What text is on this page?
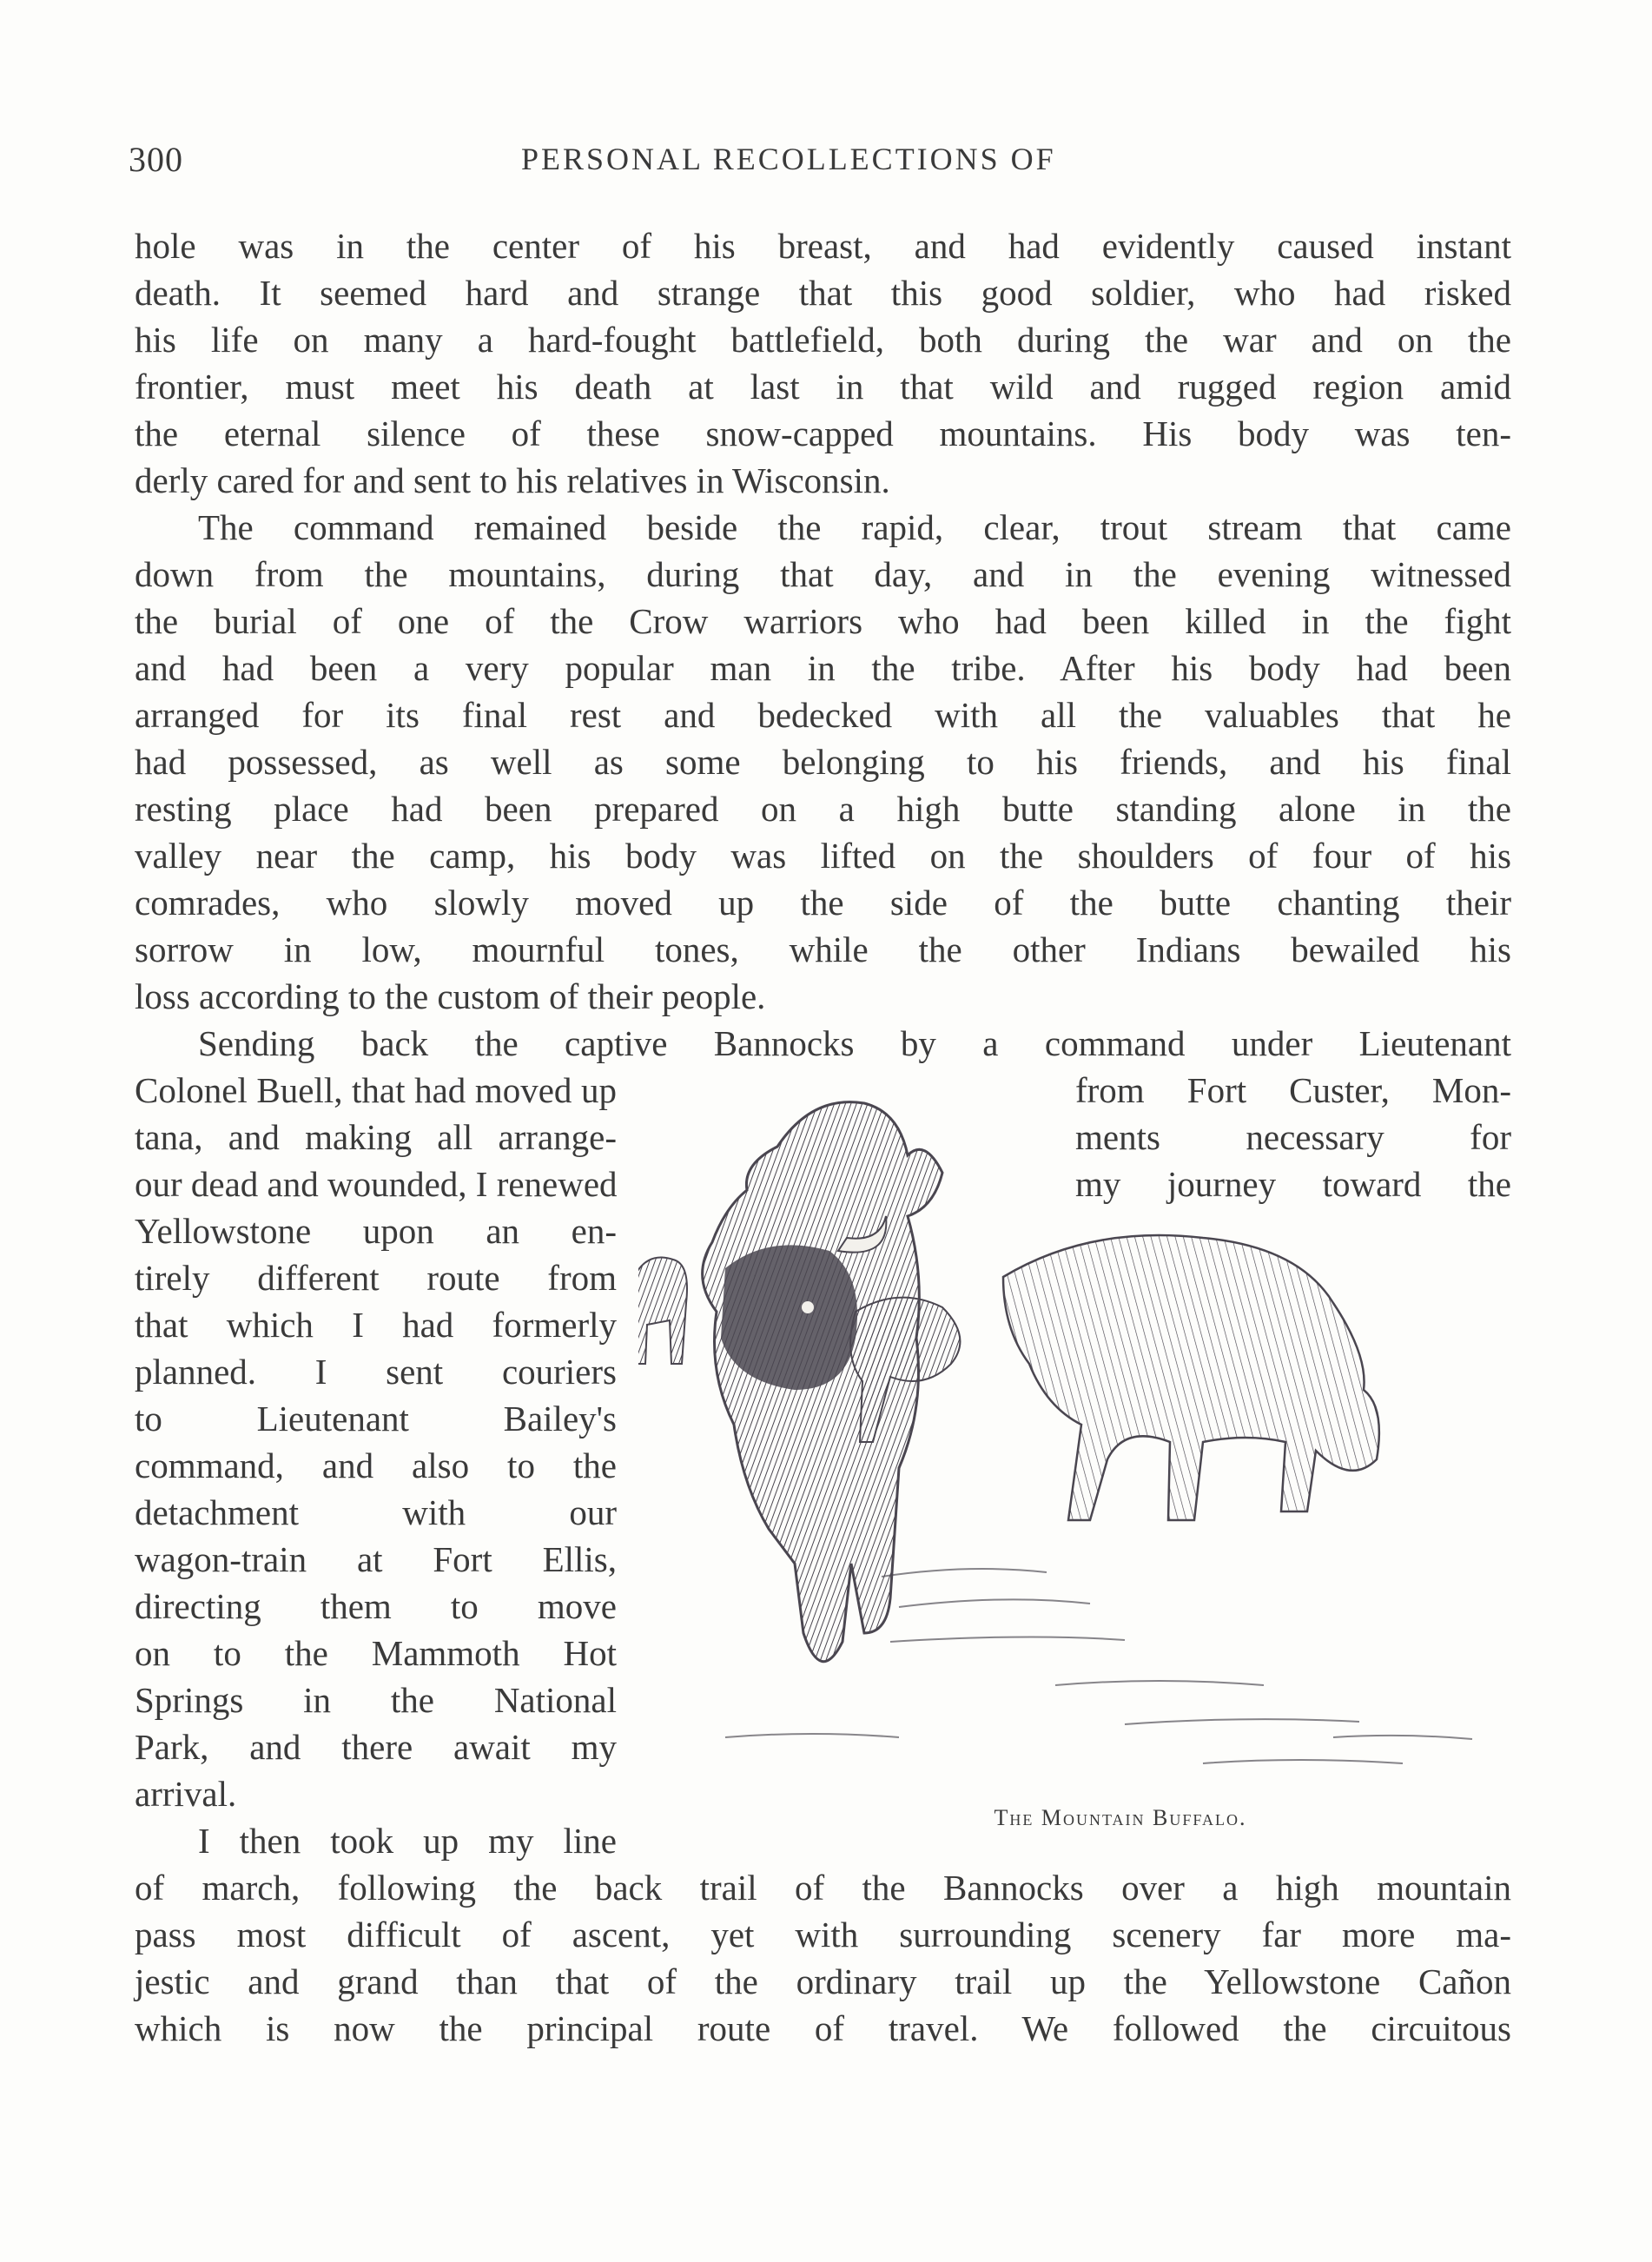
300	PERSONAL RECOLLECTIONS OF
hole was in the center of his breast, and had evidently caused instant
death. It seemed hard and strange that this good soldier, who had risked
his life on many a hard-fought battlefield, both during the war and on the
frontier, must meet his death at last in that wild and rugged region amid
the eternal silence of these snow-capped mountains. His body was ten-
derly cared for and sent to his relatives in Wisconsin.
The command remained beside the rapid, clear, trout stream that came
down from the mountains, during that day, and in the evening witnessed
the burial of one of the Crow warriors who had been killed in the fight
and had been a very popular man in the tribe. After his body had been
arranged for its final rest and bedecked with all the valuables that he
had possessed, as well as some belonging to his friends, and his final
resting place had been prepared on a high butte standing alone in the
valley near the camp, his body was lifted on the shoulders of four of his
comrades, who slowly moved up the side of the butte chanting their
sorrow in low, mournful tones, while the other Indians bewailed his
loss according to the custom of their people.
Sending back the captive Bannocks by a command under Lieutenant
Colonel Buell, that had moved up
tana, and making all arrange-
our dead and wounded, I renewed
from Fort Custer, Mon-
ments necessary for
my journey toward the
Yellowstone upon an en-
tirely different route from
that which I had formerly
planned. I sent couriers
to Lieutenant Bailey's
command, and also to the
detachment with our
wagon-train at Fort Ellis,
directing them to move
on to the Mammoth Hot
Springs in the National
Park, and there await my
arrival.
I then took up my line
of march, following the back trail of the Bannocks over a high mountain
pass most difficult of ascent, yet with surrounding scenery far more ma-
jestic and grand than that of the ordinary trail up the Yellowstone Cañon
which is now the principal route of travel. We followed the circuitous
The Mountain Buffalo.
